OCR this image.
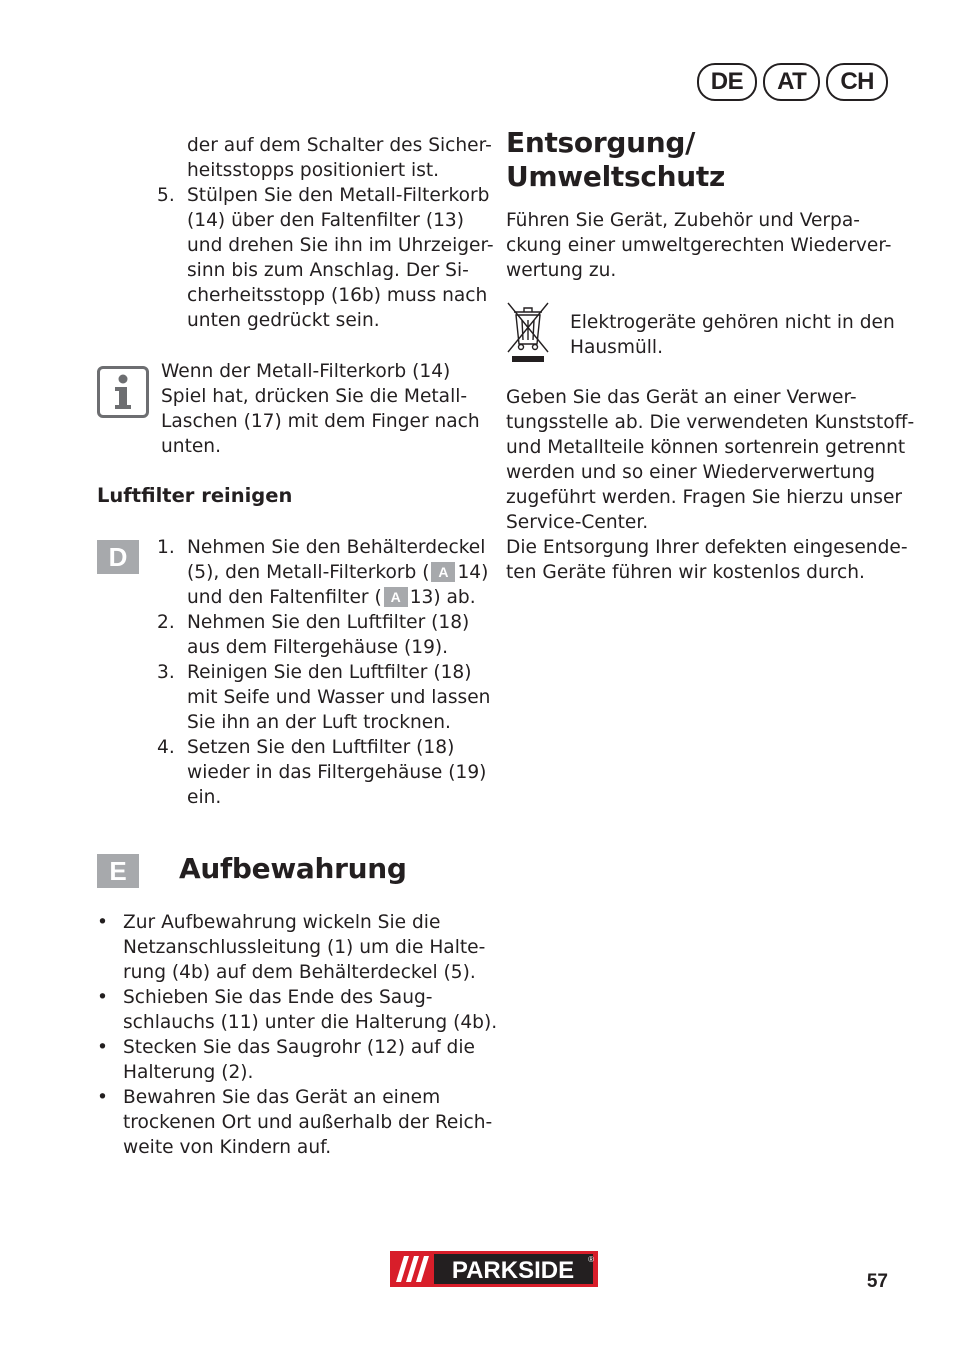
DE	AT	CH
der auf dem Schalter des Sicher-
heitsstopps positioniert ist.
5. Stülpen Sie den Metall-Filterkorb
(14) über den Faltenfilter (13)
und drehen Sie ihn im Uhrzeiger-
sinn bis zum Anschlag. Der Si-
cherheitsstopp (16b) muss nach
unten gedrückt sein.
Wenn der Metall-Filterkorb (14)
Spiel hat, drücken Sie die Metall-
Laschen (17) mit dem Finger nach
unten.
Luftfilter reinigen
D	1. Nehmen Sie den Behälterdeckel
(5), den Metall-Filterkorb ( A 14)
und den Faltenfilter ( A 13) ab.
2. Nehmen Sie den Luftfilter (18)
aus dem Filtergehäuse (19).
3. Reinigen Sie den Luftfilter (18)
mit Seife und Wasser und lassen
Sie ihn an der Luft trocknen.
4. Setzen Sie den Luftfilter (18)
wieder in das Filtergehäuse (19)
ein.
E	Aufbewahrung
• Zur Aufbewahrung wickeln Sie die
Netzanschlussleitung (1) um die Halte-
rung (4b) auf dem Behälterdeckel (5).
• Schieben Sie das Ende des Saug-
schlauchs (11) unter die Halterung (4b).
• Stecken Sie das Saugrohr (12) auf die
Halterung (2).
• Bewahren Sie das Gerät an einem
trockenen Ort und außerhalb der Reich-
weite von Kindern auf.
Entsorgung/
Umweltschutz
Führen Sie Gerät, Zubehör und Verpa-
ckung einer umweltgerechten Wiederver-
wertung zu.
Elektrogeräte gehören nicht in den
Hausmüll.
Geben Sie das Gerät an einer Verwer-
tungsstelle ab. Die verwendeten Kunststoff-
und Metallteile können sortenrein getrennt
werden und so einer Wiederverwertung
zugeführt werden. Fragen Sie hierzu unser
Service-Center.
Die Entsorgung Ihrer defekten eingesende-
ten Geräte führen wir kostenlos durch.
PARKSIDE ®
57
